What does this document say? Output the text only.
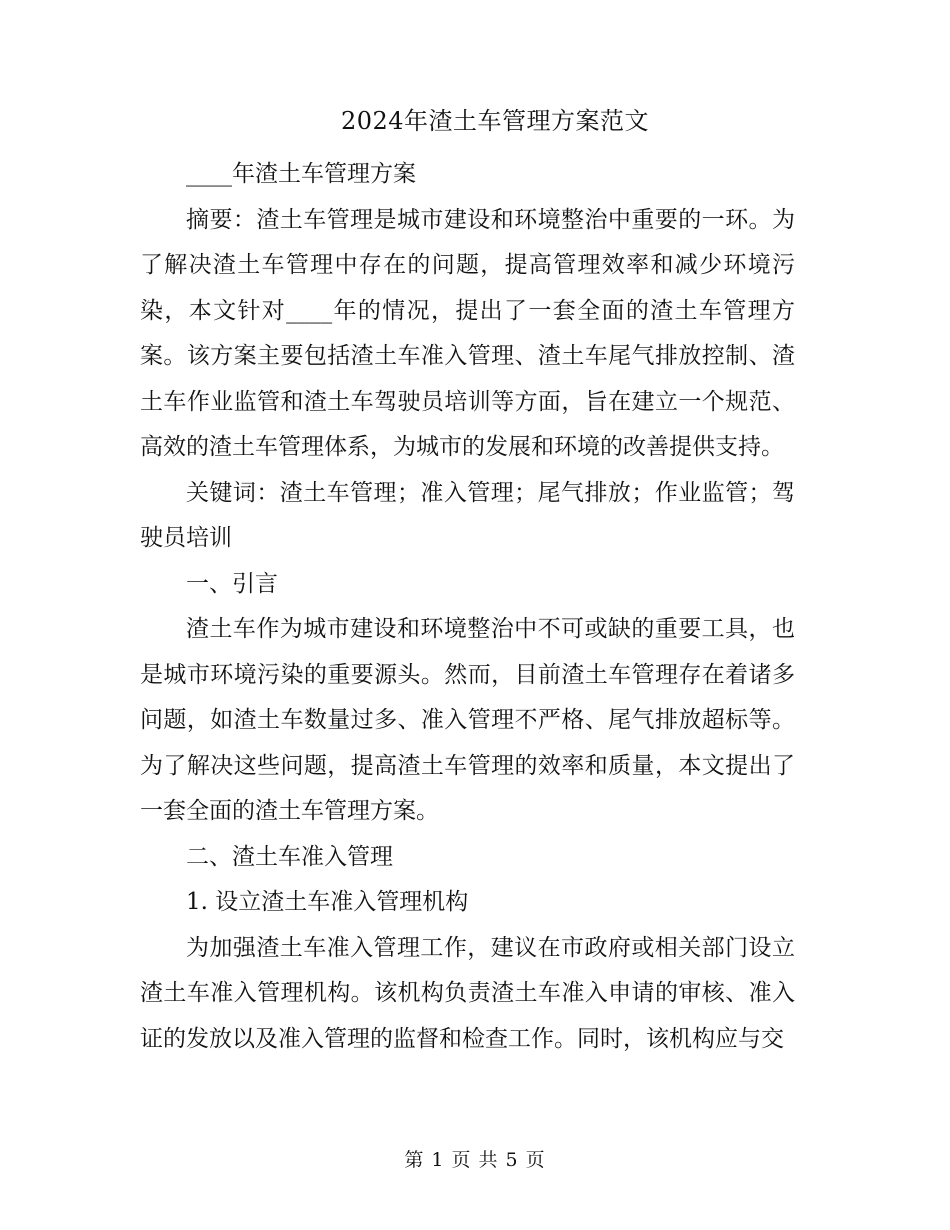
2024年渣土车管理方案范文

____年渣土车管理方案

摘要：渣土车管理是城市建设和环境整治中重要的一环。为了解决渣土车管理中存在的问题，提高管理效率和减少环境污染，本文针对____年的情况，提出了一套全面的渣土车管理方案。该方案主要包括渣土车准入管理、渣土车尾气排放控制、渣土车作业监管和渣土车驾驶员培训等方面，旨在建立一个规范、高效的渣土车管理体系，为城市的发展和环境的改善提供支持。

关键词：渣土车管理；准入管理；尾气排放；作业监管；驾驶员培训

一、引言

渣土车作为城市建设和环境整治中不可或缺的重要工具，也是城市环境污染的重要源头。然而，目前渣土车管理存在着诸多问题，如渣土车数量过多、准入管理不严格、尾气排放超标等。为了解决这些问题，提高渣土车管理的效率和质量，本文提出了一套全面的渣土车管理方案。

二、渣土车准入管理

1. 设立渣土车准入管理机构

为加强渣土车准入管理工作，建议在市政府或相关部门设立渣土车准入管理机构。该机构负责渣土车准入申请的审核、准入证的发放以及准入管理的监督和检查工作。同时，该机构应与交

第 1 页 共 5 页
